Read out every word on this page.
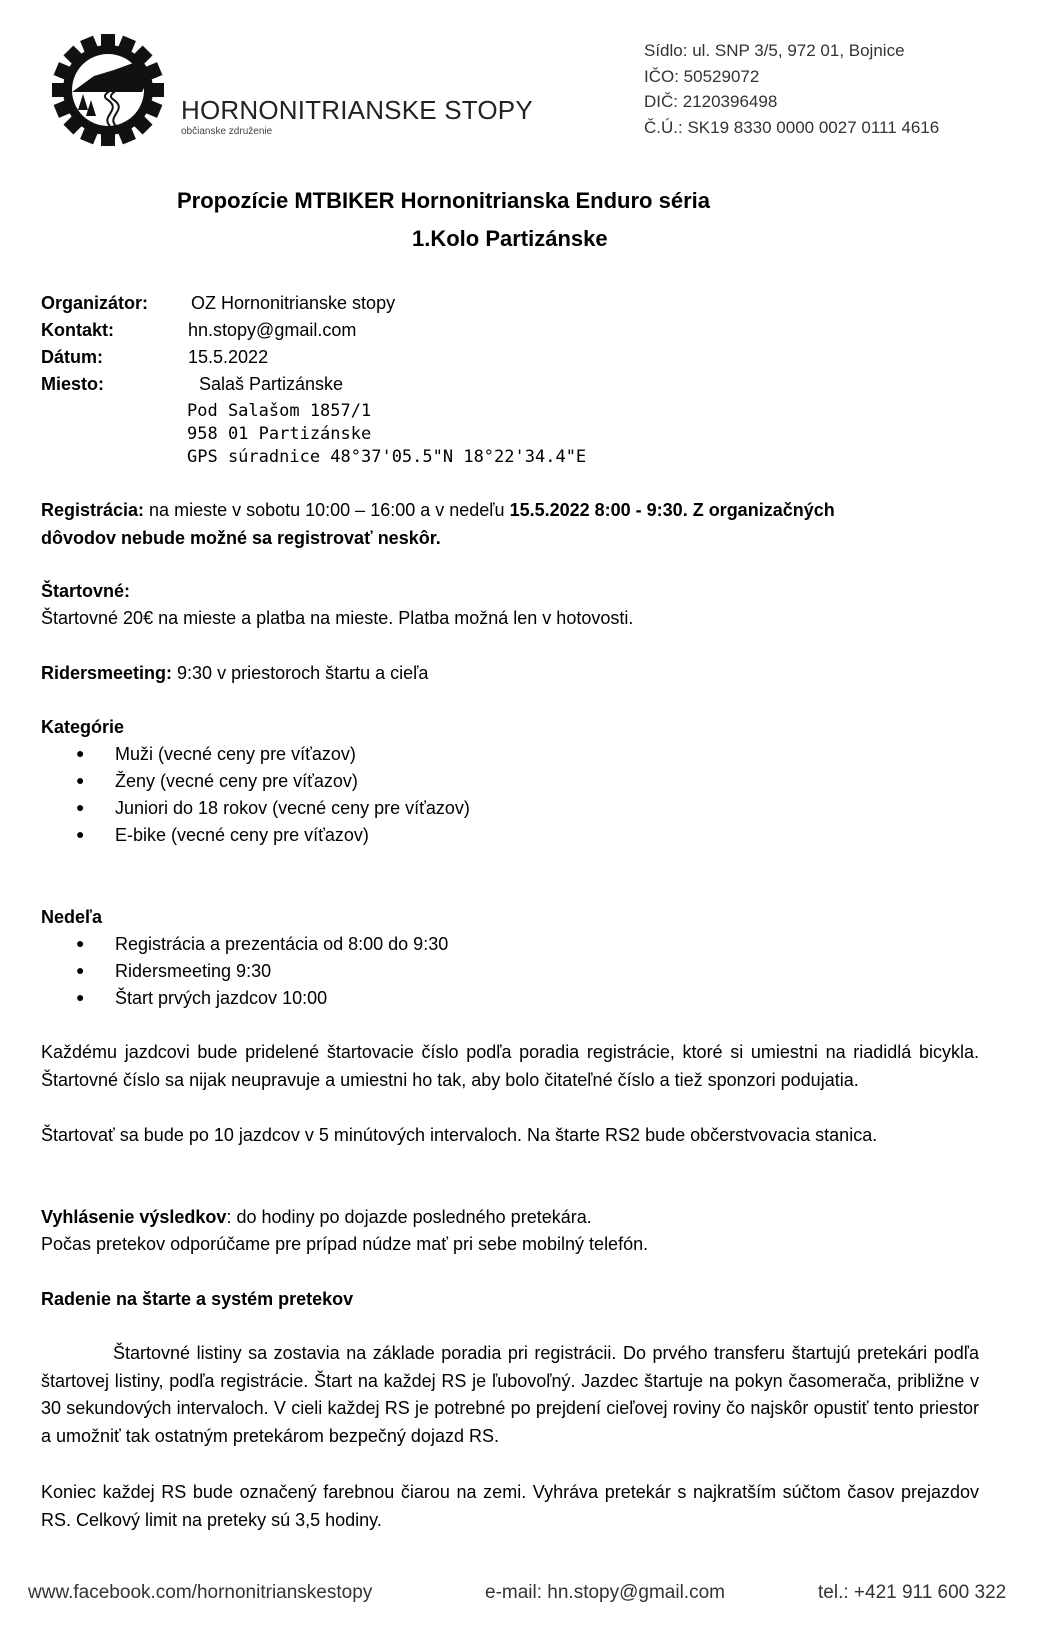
HORNONITRIANSKE STOPY
občianske združenie
Sídlo: ul. SNP 3/5, 972 01, Bojnice
IČO: 50529072
DIČ: 2120396498
Č.Ú.: SK19 8330 0000 0027 0111 4616
Propozície MTBIKER Hornonitrianska Enduro séria
1.Kolo Partizánske
Organizátor: OZ Hornonitrianske stopy
Kontakt:	hn.stopy@gmail.com
Dátum:	15.5.2022
Miesto:	Salaš Partizánske
Pod Salašom 1857/1
958 01 Partizánske
GPS súradnice 48°37'05.5"N 18°22'34.4"E
Registrácia: na mieste v sobotu 10:00 – 16:00 a v nedeľu 15.5.2022 8:00 - 9:30. Z organizačných
dôvodov nebude možné sa registrovať neskôr.
Štartovné:
Štartovné 20€ na mieste a platba na mieste. Platba možná len v hotovosti.
Ridersmeeting: 9:30 v priestoroch štartu a cieľa
Kategórie
● Muži (vecné ceny pre víťazov)
● Ženy (vecné ceny pre víťazov)
● Juniori do 18 rokov (vecné ceny pre víťazov)
● E-bike (vecné ceny pre víťazov)
Nedeľa
● Registrácia a prezentácia od 8:00 do 9:30
● Ridersmeeting 9:30
● Štart prvých jazdcov 10:00

Každému jazdcovi bude pridelené štartovacie číslo podľa poradia registrácie, ktoré si umiestni na riadidlá bicykla. Štartovné číslo sa nijak neupravuje a umiestni ho tak, aby bolo čitateľné číslo a tiež sponzori podujatia.

Štartovať sa bude po 10 jazdcov v 5 minútových intervaloch. Na štarte RS2 bude občerstvovacia stanica.

Vyhlásenie výsledkov: do hodiny po dojazde posledného pretekára.
Počas pretekov odporúčame pre prípad núdze mať pri sebe mobilný telefón.
Radenie na štarte a systém pretekov

Štartovné listiny sa zostavia na základe poradia pri registrácii. Do prvého transferu štartujú pretekári podľa štartovej listiny, podľa registrácie. Štart na každej RS je ľubovoľný. Jazdec štartuje na pokyn časomerača, približne v 30 sekundových intervaloch. V cieli každej RS je potrebné po prejdení cieľovej roviny čo najskôr opustiť tento priestor a umožniť tak ostatným pretekárom bezpečný dojazd RS.

Koniec každej RS bude označený farebnou čiarou na zemi. Vyhráva pretekár s najkratším súčtom časov prejazdov RS. Celkový limit na preteky sú 3,5 hodiny.

www.facebook.com/hornonitrianskestopy	e-mail: hn.stopy@gmail.com	tel.: +421 911 600 322
